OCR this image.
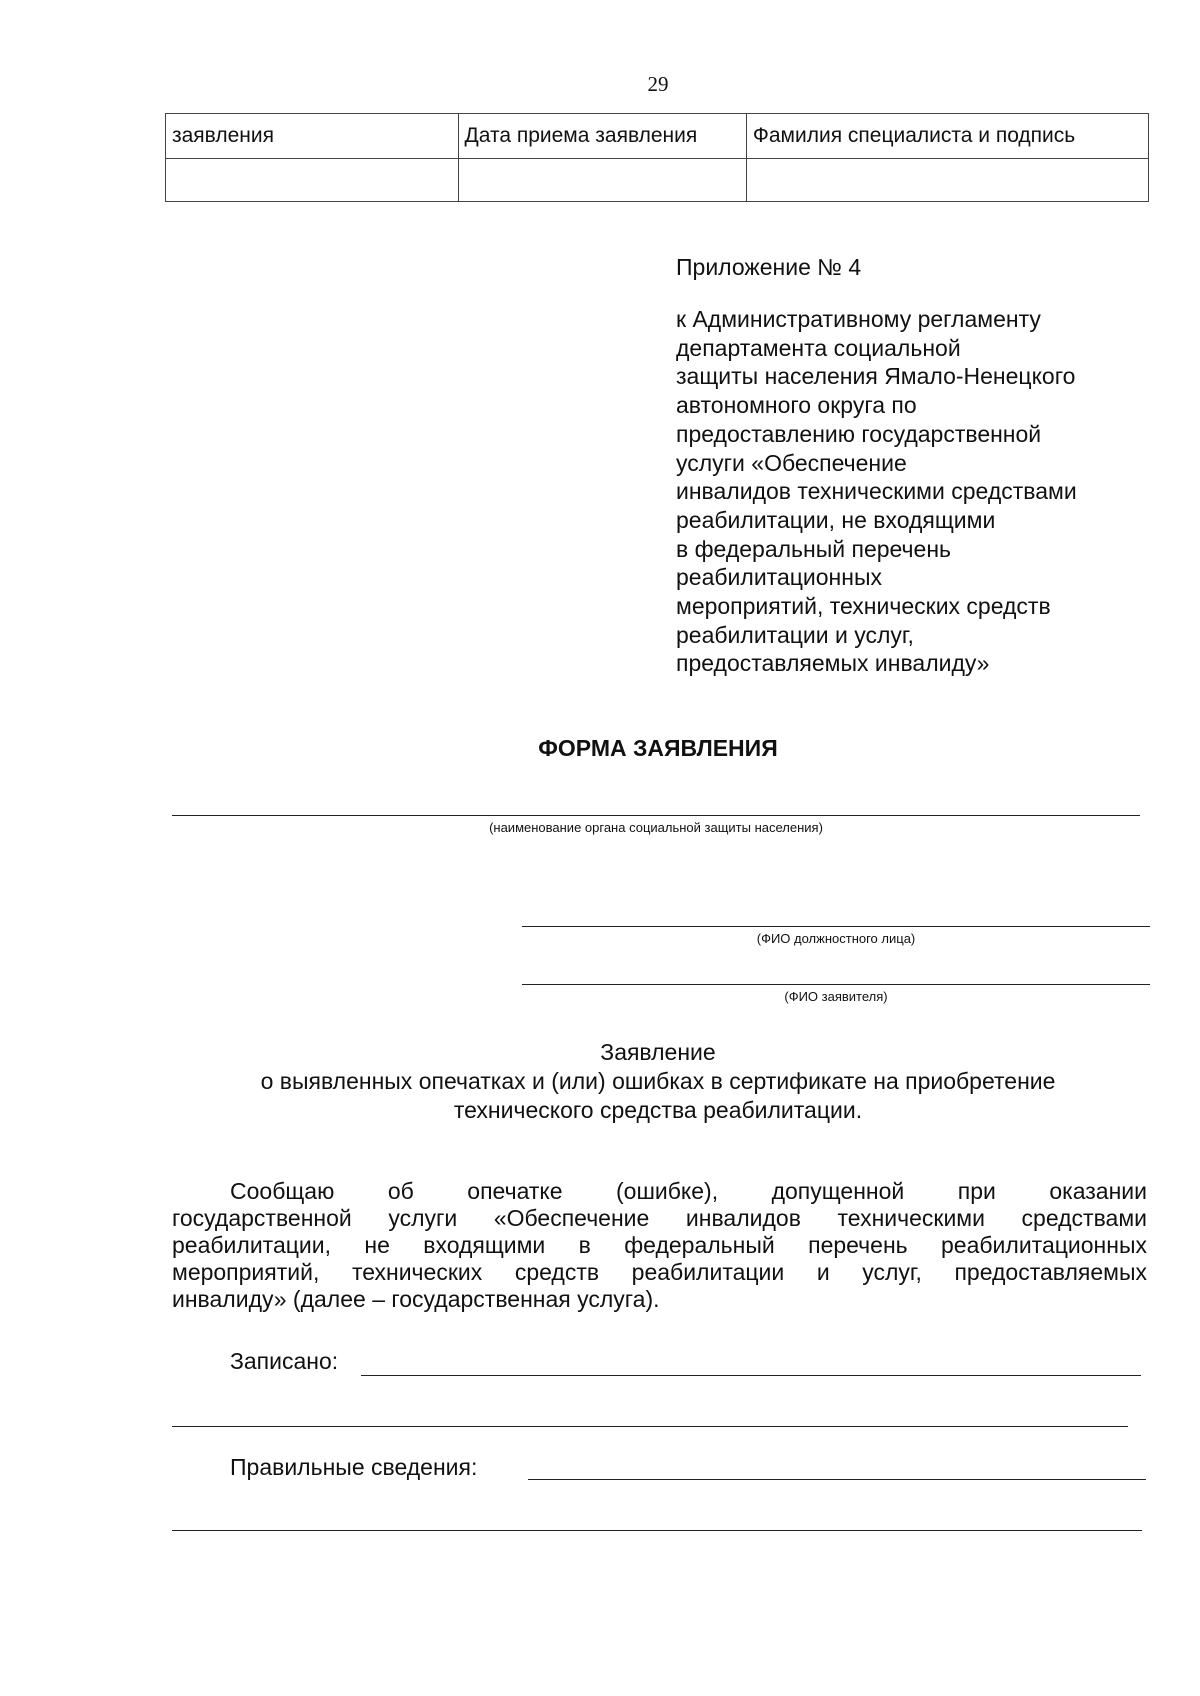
29
заявления	Дата приема заявления	Фамилия специалиста и подпись

Приложение № 4
к Административному регламенту
департамента социальной
защиты населения Ямало-Ненецкого
автономного округа по
предоставлению государственной
услуги «Обеспечение
инвалидов техническими средствами
реабилитации, не входящими
в федеральный перечень
реабилитационных
мероприятий, технических средств
реабилитации и услуг,
предоставляемых инвалиду»
ФОРМА ЗАЯВЛЕНИЯ
(наименование органа социальной защиты населения)
(ФИО должностного лица)
(ФИО заявителя)
Заявление
о выявленных опечатках и (или) ошибках в сертификате на приобретение
технического средства реабилитации.
Сообщаю об опечатке (ошибке), допущенной при оказании
государственной услуги «Обеспечение инвалидов техническими средствами
реабилитации, не входящими в федеральный перечень реабилитационных
мероприятий, технических средств реабилитации и услуг, предоставляемых
инвалиду» (далее – государственная услуга).
Записано:
Правильные сведения:
